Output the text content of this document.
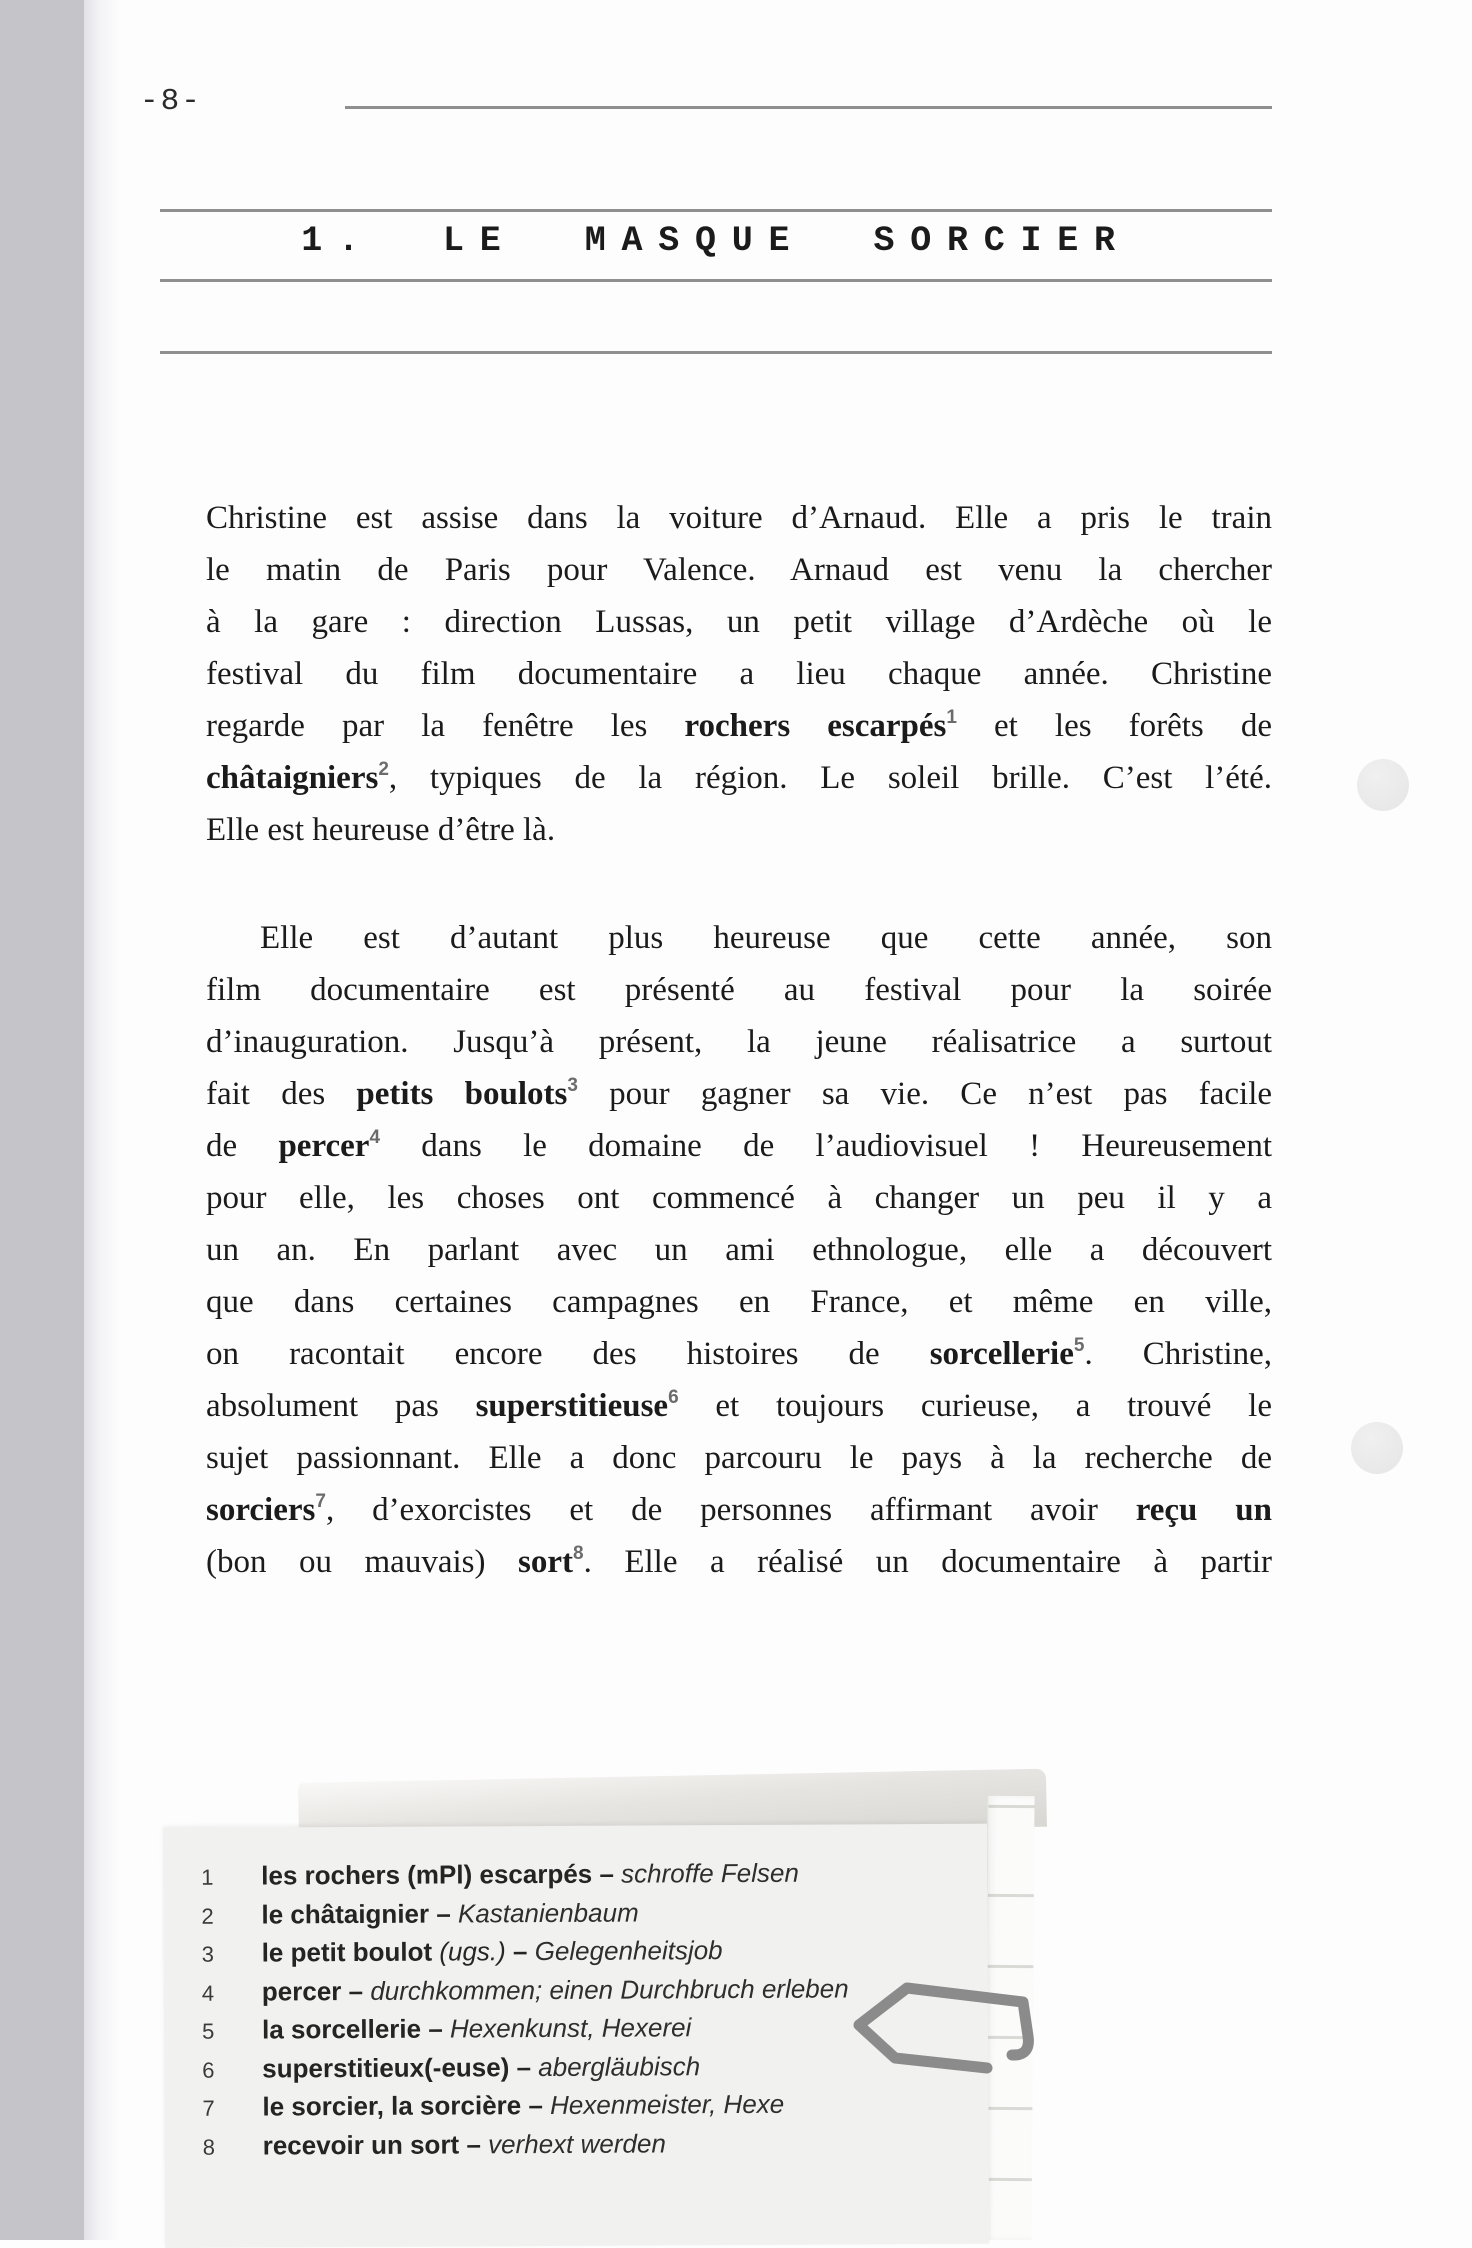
-8-
1. LE MASQUE SORCIER
Christine est assise dans la voiture d’Arnaud. Elle a pris le train
le matin de Paris pour Valence. Arnaud est venu la chercher
à la gare : direction Lussas, un petit village d’Ardèche où le
festival du film documentaire a lieu chaque année. Christine
regarde par la fenêtre les rochers escarpés$^1$ et les forêts de
châtaigniers$^2$, typiques de la région. Le soleil brille. C’est l’été.
Elle est heureuse d’être là.
Elle est d’autant plus heureuse que cette année, son
film documentaire est présenté au festival pour la soirée
d’inauguration. Jusqu’à présent, la jeune réalisatrice a surtout
fait des petits boulots$^3$ pour gagner sa vie. Ce n’est pas facile
de percer$^4$ dans le domaine de l’audiovisuel ! Heureusement
pour elle, les choses ont commencé à changer un peu il y a
un an. En parlant avec un ami ethnologue, elle a découvert
que dans certaines campagnes en France, et même en ville,
on racontait encore des histoires de sorcellerie$^5$. Christine,
absolument pas superstitieuse$^6$ et toujours curieuse, a trouvé le
sujet passionnant. Elle a donc parcouru le pays à la recherche de
sorciers$^7$, d’exorcistes et de personnes affirmant avoir reçu un
(bon ou mauvais) sort$^8$. Elle a réalisé un documentaire à partir
1	les rochers (mPl) escarpés – schroffe Felsen
2	le châtaignier – Kastanienbaum
3	le petit boulot (ugs.) – Gelegenheitsjob
4	percer – durchkommen; einen Durchbruch erleben
5	la sorcellerie – Hexenkunst, Hexerei
6	superstitieux(-euse) – abergläubisch
7	le sorcier, la sorcière – Hexenmeister, Hexe
8	recevoir un sort – verhext werden
